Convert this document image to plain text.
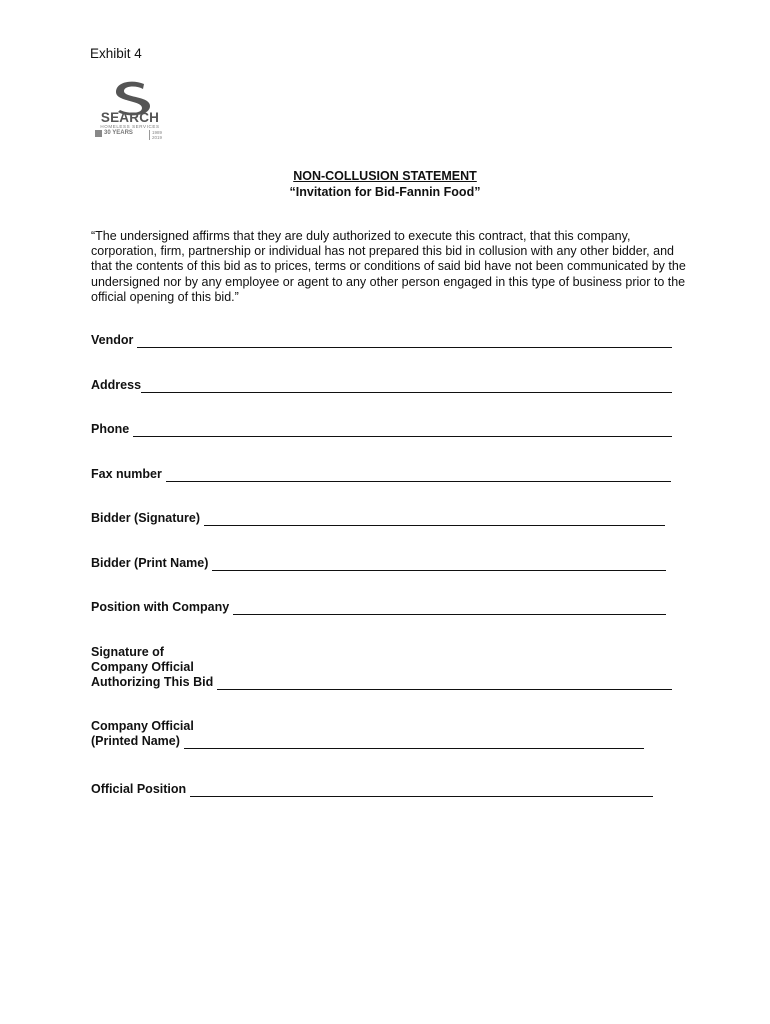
Exhibit 4
SEARCH
HOMELESS SERVICES
30 YEARS	1989
2019
NON-COLLUSION STATEMENT
“Invitation for Bid-Fannin Food”
“The undersigned affirms that they are duly authorized to execute this contract, that this company, corporation, firm, partnership or individual has not prepared this bid in collusion with any other bidder, and that the contents of this bid as to prices, terms or conditions of said bid have not been communicated by the undersigned nor by any employee or agent to any other person engaged in this type of business prior to the official opening of this bid.”
Vendor
Address
Phone
Fax number
Bidder (Signature)
Bidder (Print Name)
Position with Company
Signature of
Company Official
Authorizing This Bid
Company Official
(Printed Name)
Official Position
